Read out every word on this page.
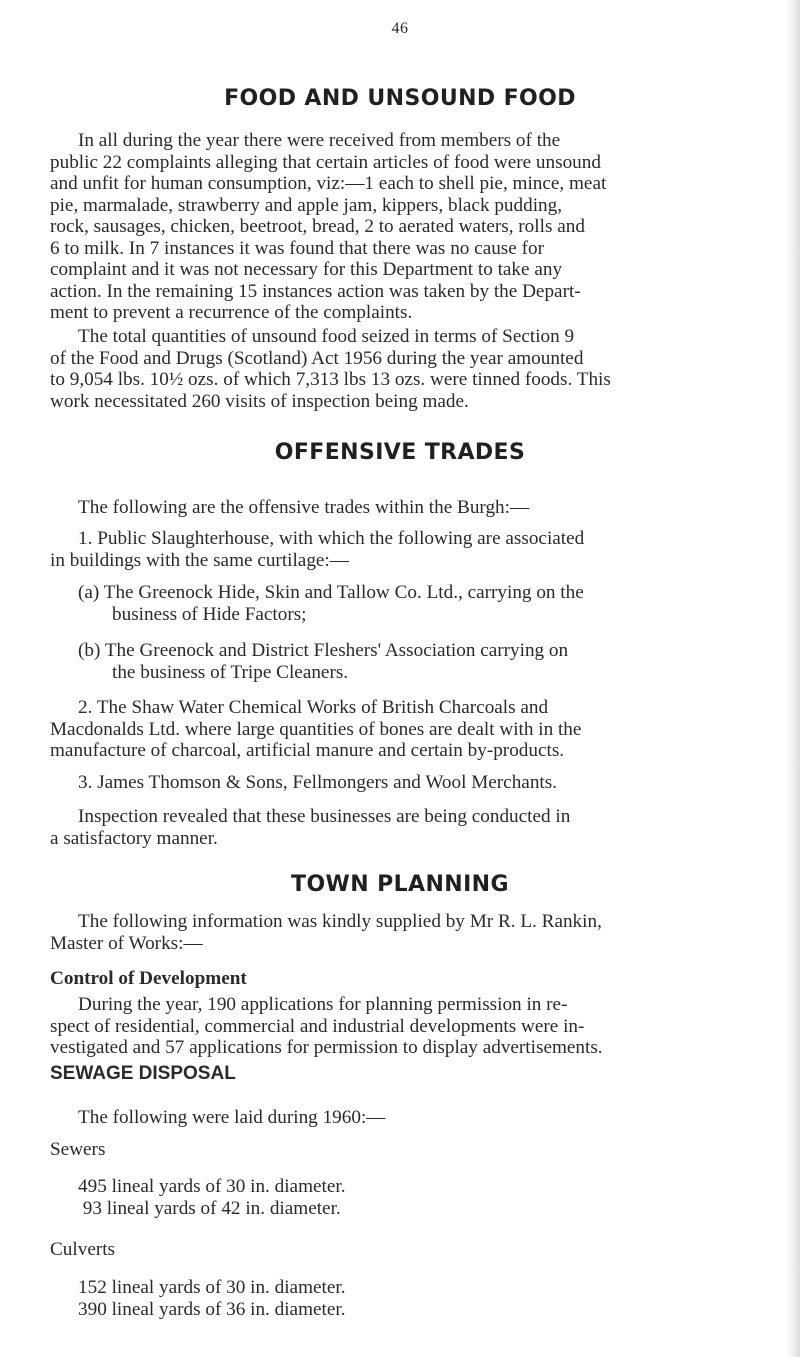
46
FOOD AND UNSOUND FOOD
In all during the year there were received from members of the
public 22 complaints alleging that certain articles of food were unsound
and unfit for human consumption, viz:—1 each to shell pie, mince, meat
pie, marmalade, strawberry and apple jam, kippers, black pudding,
rock, sausages, chicken, beetroot, bread, 2 to aerated waters, rolls and
6 to milk. In 7 instances it was found that there was no cause for
complaint and it was not necessary for this Department to take any
action. In the remaining 15 instances action was taken by the Depart-
ment to prevent a recurrence of the complaints.
The total quantities of unsound food seized in terms of Section 9
of the Food and Drugs (Scotland) Act 1956 during the year amounted
to 9,054 lbs. 10½ ozs. of which 7,313 lbs 13 ozs. were tinned foods. This
work necessitated 260 visits of inspection being made.
OFFENSIVE TRADES
The following are the offensive trades within the Burgh:—
1. Public Slaughterhouse, with which the following are associated
in buildings with the same curtilage:—
(a) The Greenock Hide, Skin and Tallow Co. Ltd., carrying on the
business of Hide Factors;
(b) The Greenock and District Fleshers' Association carrying on
the business of Tripe Cleaners.
2. The Shaw Water Chemical Works of British Charcoals and
Macdonalds Ltd. where large quantities of bones are dealt with in the
manufacture of charcoal, artificial manure and certain by-products.
3. James Thomson & Sons, Fellmongers and Wool Merchants.
Inspection revealed that these businesses are being conducted in
a satisfactory manner.
TOWN PLANNING
The following information was kindly supplied by Mr R. L. Rankin,
Master of Works:—
Control of Development
During the year, 190 applications for planning permission in re-
spect of residential, commercial and industrial developments were in-
vestigated and 57 applications for permission to display advertisements.
SEWAGE DISPOSAL
The following were laid during 1960:—
Sewers
495 lineal yards of 30 in. diameter.
93 lineal yards of 42 in. diameter.
Culverts
152 lineal yards of 30 in. diameter.
390 lineal yards of 36 in. diameter.
